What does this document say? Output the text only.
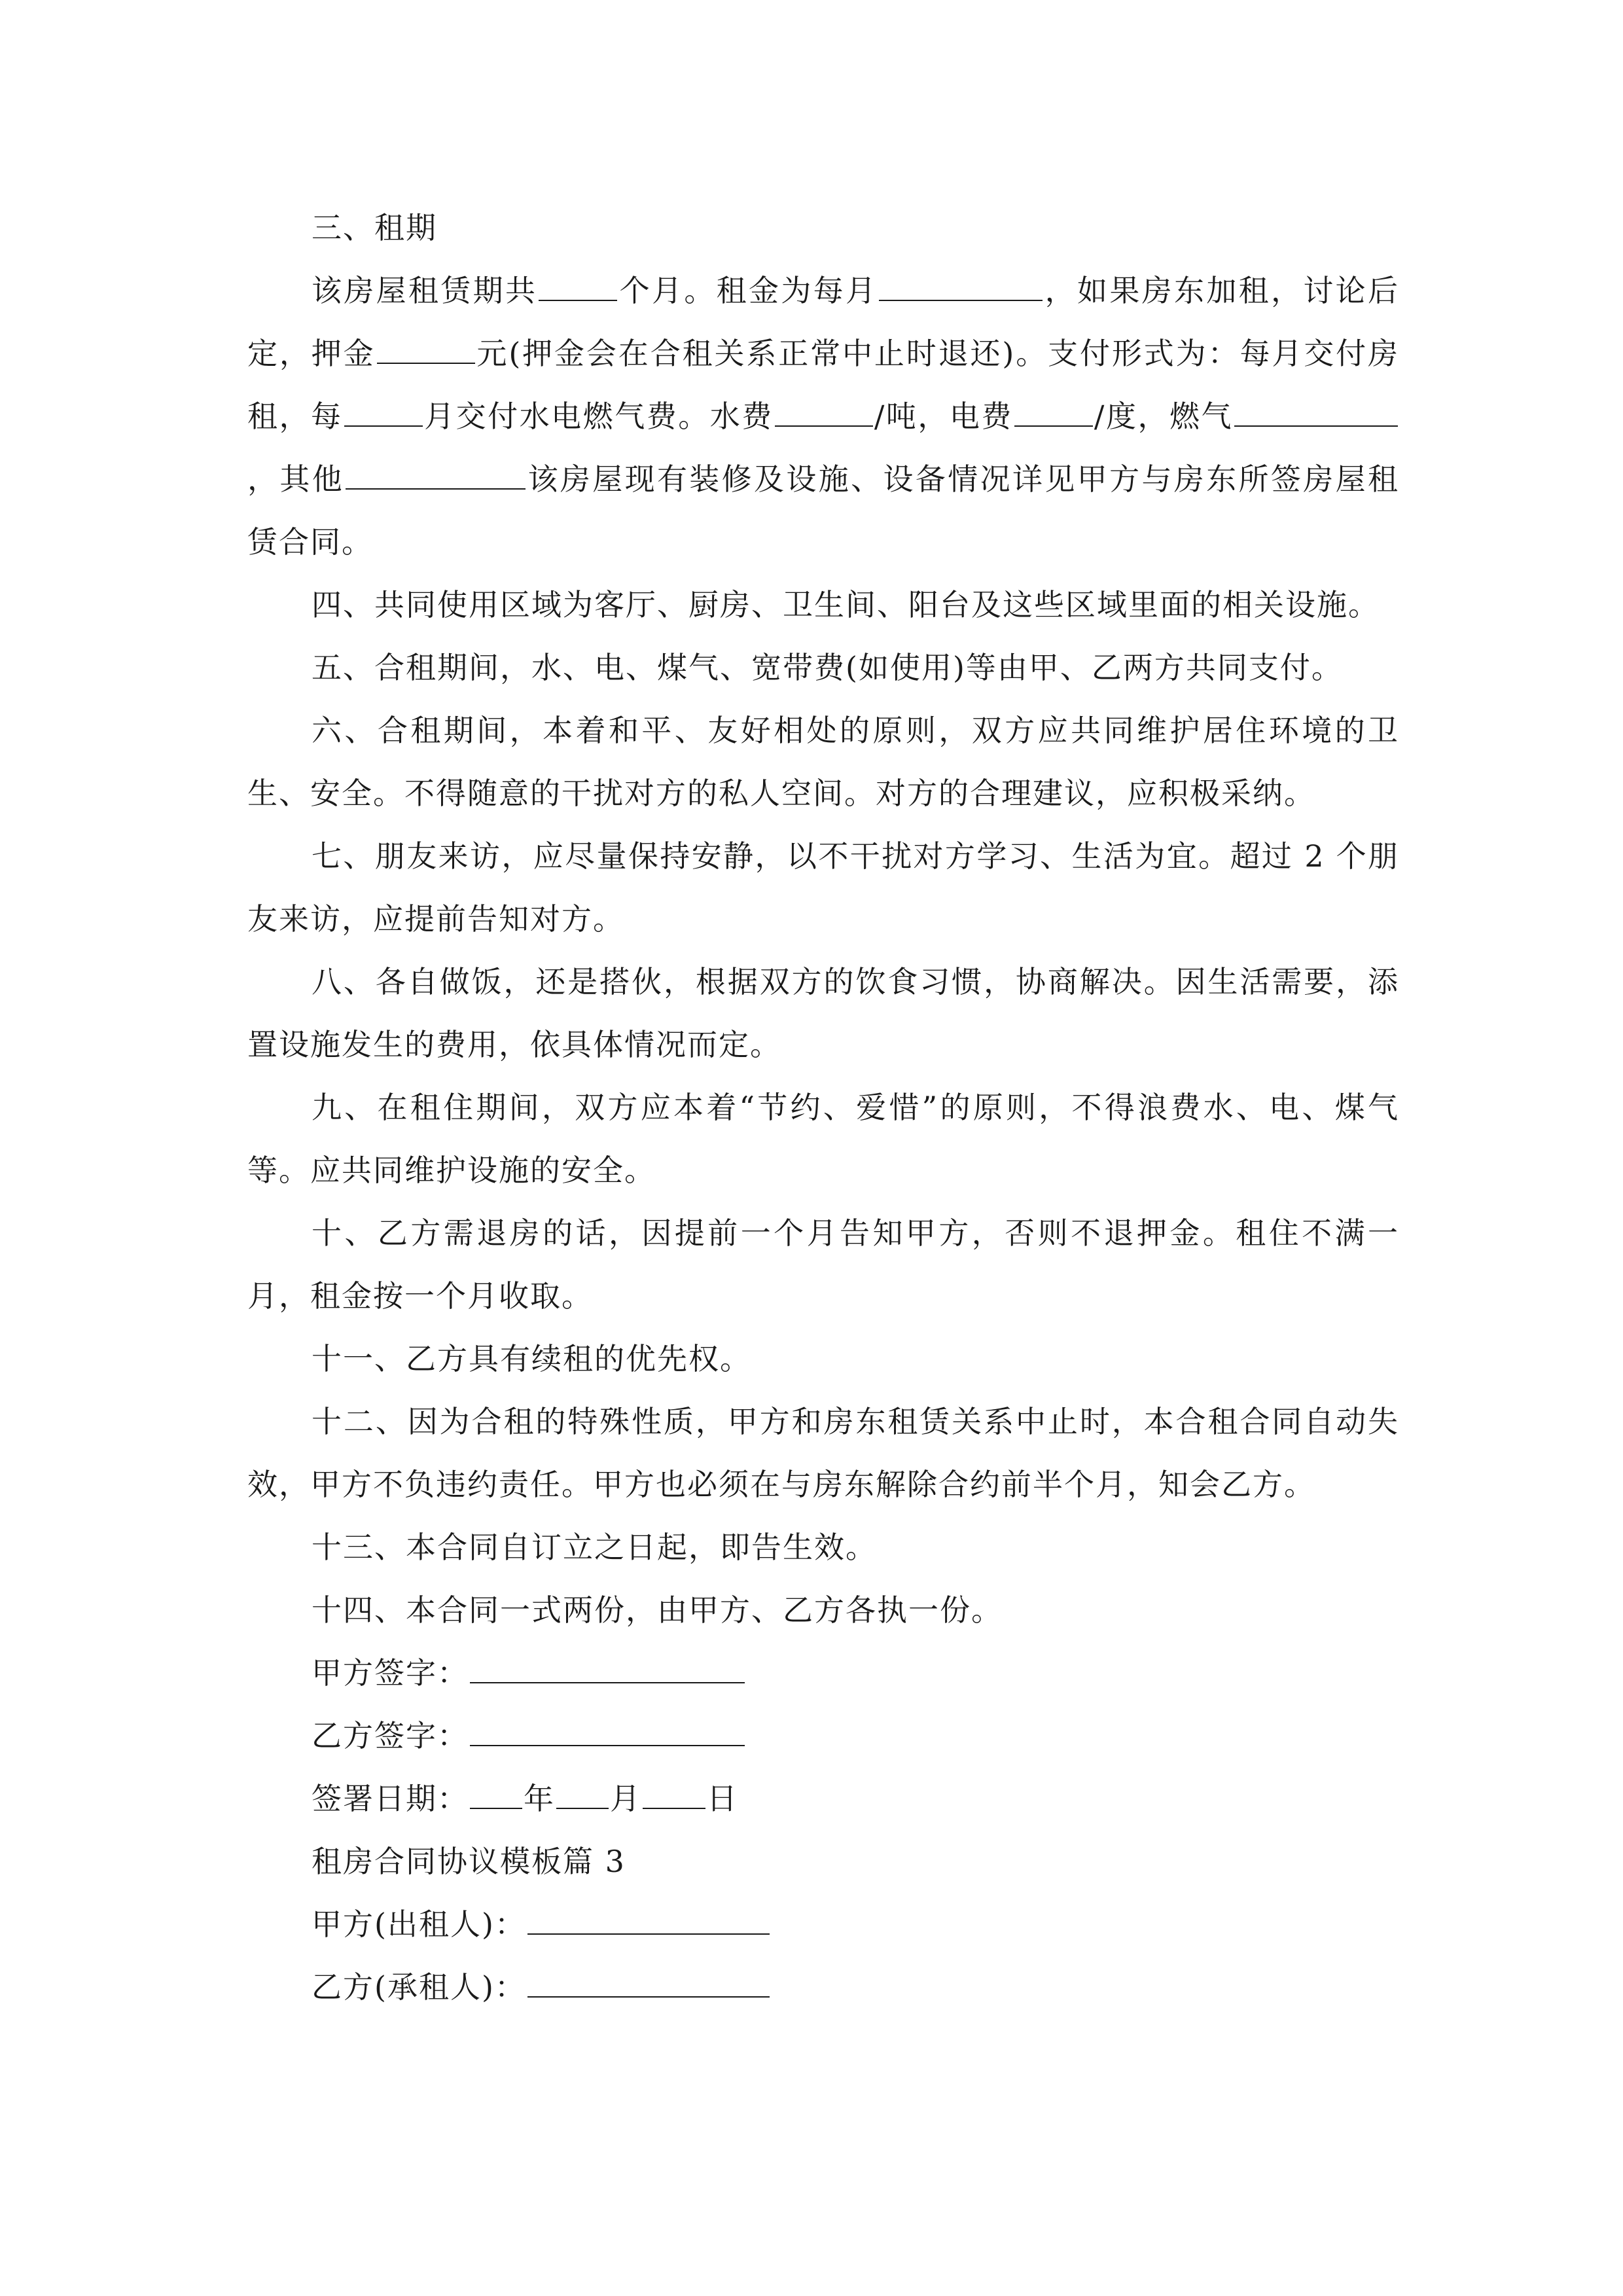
三、租期

该房屋租赁期共	个月。租金为每月	，如果房东加租，讨论后定，押金	元(押金会在合租关系正常中止时退还)。支付形式为：每月交付房租，每	月交付水电燃气费。水费	/吨，电费	/度，燃气，其他	该房屋现有装修及设施、设备情况详见甲方与房东所签房屋租赁合同。

四、共同使用区域为客厅、厨房、卫生间、阳台及这些区域里面的相关设施。

五、合租期间，水、电、煤气、宽带费(如使用)等由甲、乙两方共同支付。

六、合租期间，本着和平、友好相处的原则，双方应共同维护居住环境的卫生、安全。不得随意的干扰对方的私人空间。对方的合理建议，应积极采纳。

七、朋友来访，应尽量保持安静，以不干扰对方学习、生活为宜。超过 2 个朋友来访，应提前告知对方。

八、各自做饭，还是搭伙，根据双方的饮食习惯，协商解决。因生活需要，添置设施发生的费用，依具体情况而定。

九、在租住期间，双方应本着“节约、爱惜”的原则，不得浪费水、电、煤气等。应共同维护设施的安全。

十、乙方需退房的话，因提前一个月告知甲方，否则不退押金。租住不满一月，租金按一个月收取。

十一、乙方具有续租的优先权。

十二、因为合租的特殊性质，甲方和房东租赁关系中止时，本合租合同自动失效，甲方不负违约责任。甲方也必须在与房东解除合约前半个月，知会乙方。

十三、本合同自订立之日起，即告生效。

十四、本合同一式两份，由甲方、乙方各执一份。

甲方签字：

乙方签字：

签署日期： 年 月 日

租房合同协议模板篇 3

甲方(出租人)：

乙方(承租人)：
